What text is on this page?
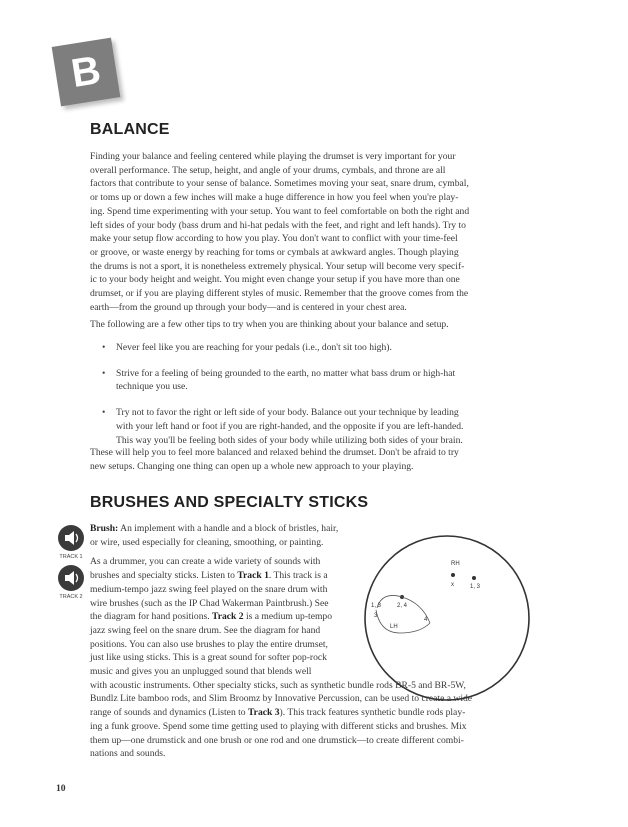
B
BALANCE
Finding your balance and feeling centered while playing the drumset is very important for your
overall performance. The setup, height, and angle of your drums, cymbals, and throne are all
factors that contribute to your sense of balance. Sometimes moving your seat, snare drum, cymbal,
or toms up or down a few inches will make a huge difference in how you feel when you're play-
ing. Spend time experimenting with your setup. You want to feel comfortable on both the right and
left sides of your body (bass drum and hi-hat pedals with the feet, and right and left hands). Try to
make your setup flow according to how you play. You don't want to conflict with your time-feel
or groove, or waste energy by reaching for toms or cymbals at awkward angles. Though playing
the drums is not a sport, it is nonetheless extremely physical. Your setup will become very specif-
ic to your body height and weight. You might even change your setup if you have more than one
drumset, or if you are playing different styles of music. Remember that the groove comes from the
earth—from the ground up through your body—and is centered in your chest area.

The following are a few other tips to try when you are thinking about your balance and setup.

• Never feel like you are reaching for your pedals (i.e., don't sit too high).
• Strive for a feeling of being grounded to the earth, no matter what bass drum or high-hat
technique you use.
• Try not to favor the right or left side of your body. Balance out your technique by leading
with your left hand or foot if you are right-handed, and the opposite if you are left-handed.
This way you'll be feeling both sides of your body while utilizing both sides of your brain.
These will help you to feel more balanced and relaxed behind the drumset. Don't be afraid to try
new setups. Changing one thing can open up a whole new approach to your playing.
BRUSHES AND SPECIALTY STICKS
TRACK 1
TRACK 2
Brush: An implement with a handle and a block of bristles, hair,
or wire, used especially for cleaning, smoothing, or painting.
As a drummer, you can create a wide variety of sounds with
brushes and specialty sticks. Listen to Track 1. This track is a
medium-tempo jazz swing feel played on the snare drum with
wire brushes (such as the IP Chad Wakerman Paintbrush.) See
the diagram for hand positions. Track 2 is a medium up-tempo
jazz swing feel on the snare drum. See the diagram for hand
positions. You can also use brushes to play the entire drumset,
just like using sticks. This is a great sound for softer pop-rock
music and gives you an unplugged sound that blends well
with acoustic instruments. Other specialty sticks, such as synthetic bundle rods BR-5 and BR-5W,
Bundlz Lite bamboo rods, and Slim Broomz by Innovative Percussion, can be used to create a wide
range of sounds and dynamics (Listen to Track 3). This track features synthetic bundle rods play-
ing a funk groove. Spend some time getting used to playing with different sticks and brushes. Mix
them up—one drumstick and one brush or one rod and one drumstick—to create different combi-
nations and sounds.
RH
x	1, 3
2, 4
1, 3
LH
4
3
10
